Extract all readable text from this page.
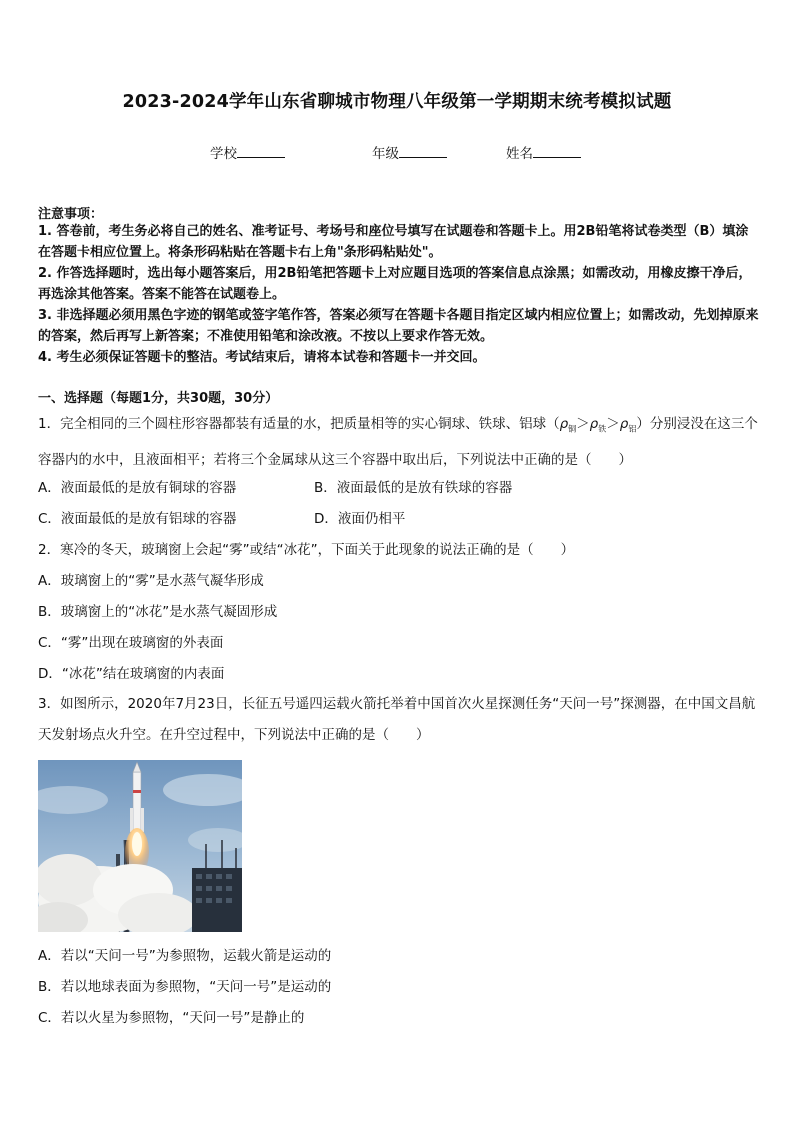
2023-2024学年山东省聊城市物理八年级第一学期期末统考模拟试题
学校	年级	姓名
注意事项：
1. 答卷前，考生务必将自己的姓名、准考证号、考场号和座位号填写在试题卷和答题卡上。用2B铅笔将试卷类型（B）填涂在答题卡相应位置上。将条形码粘贴在答题卡右上角"条形码粘贴处"。
2. 作答选择题时，选出每小题答案后，用2B铅笔把答题卡上对应题目选项的答案信息点涂黑；如需改动，用橡皮擦干净后，再选涂其他答案。答案不能答在试题卷上。
3. 非选择题必须用黑色字迹的钢笔或签字笔作答，答案必须写在答题卡各题目指定区域内相应位置上；如需改动，先划掉原来的答案，然后再写上新答案；不准使用铅笔和涂改液。不按以上要求作答无效。
4. 考生必须保证答题卡的整洁。考试结束后，请将本试卷和答题卡一并交回。
一、选择题（每题1分，共30题，30分）
1．完全相同的三个圆柱形容器都装有适量的水，把质量相等的实心铜球、铁球、铝球$(\rho_铜>\rho_铁>\rho_铝)$分别浸没在这三个容器内的水中，且液面相平；若将三个金属球从这三个容器中取出后，下列说法中正确的是（　　）
A．液面最低的是放有铜球的容器	B．液面最低的是放有铁球的容器
C．液面最低的是放有铝球的容器	D．液面仍相平
2．寒冷的冬天，玻璃窗上会起“雾”或结“冰花”，下面关于此现象的说法正确的是（　　）
A．玻璃窗上的“雾”是水蒸气凝华形成
B．玻璃窗上的“冰花”是水蒸气凝固形成
C．“雾”出现在玻璃窗的外表面
D．“冰花”结在玻璃窗的内表面
3．如图所示，2020年7月23日，长征五号遥四运载火箭托举着中国首次火星探测任务“天问一号”探测器，在中国文昌航天发射场点火升空。在升空过程中，下列说法中正确的是（　　）
A．若以“天问一号”为参照物，运载火箭是运动的
B．若以地球表面为参照物，“天问一号”是运动的
C．若以火星为参照物，“天问一号”是静止的
